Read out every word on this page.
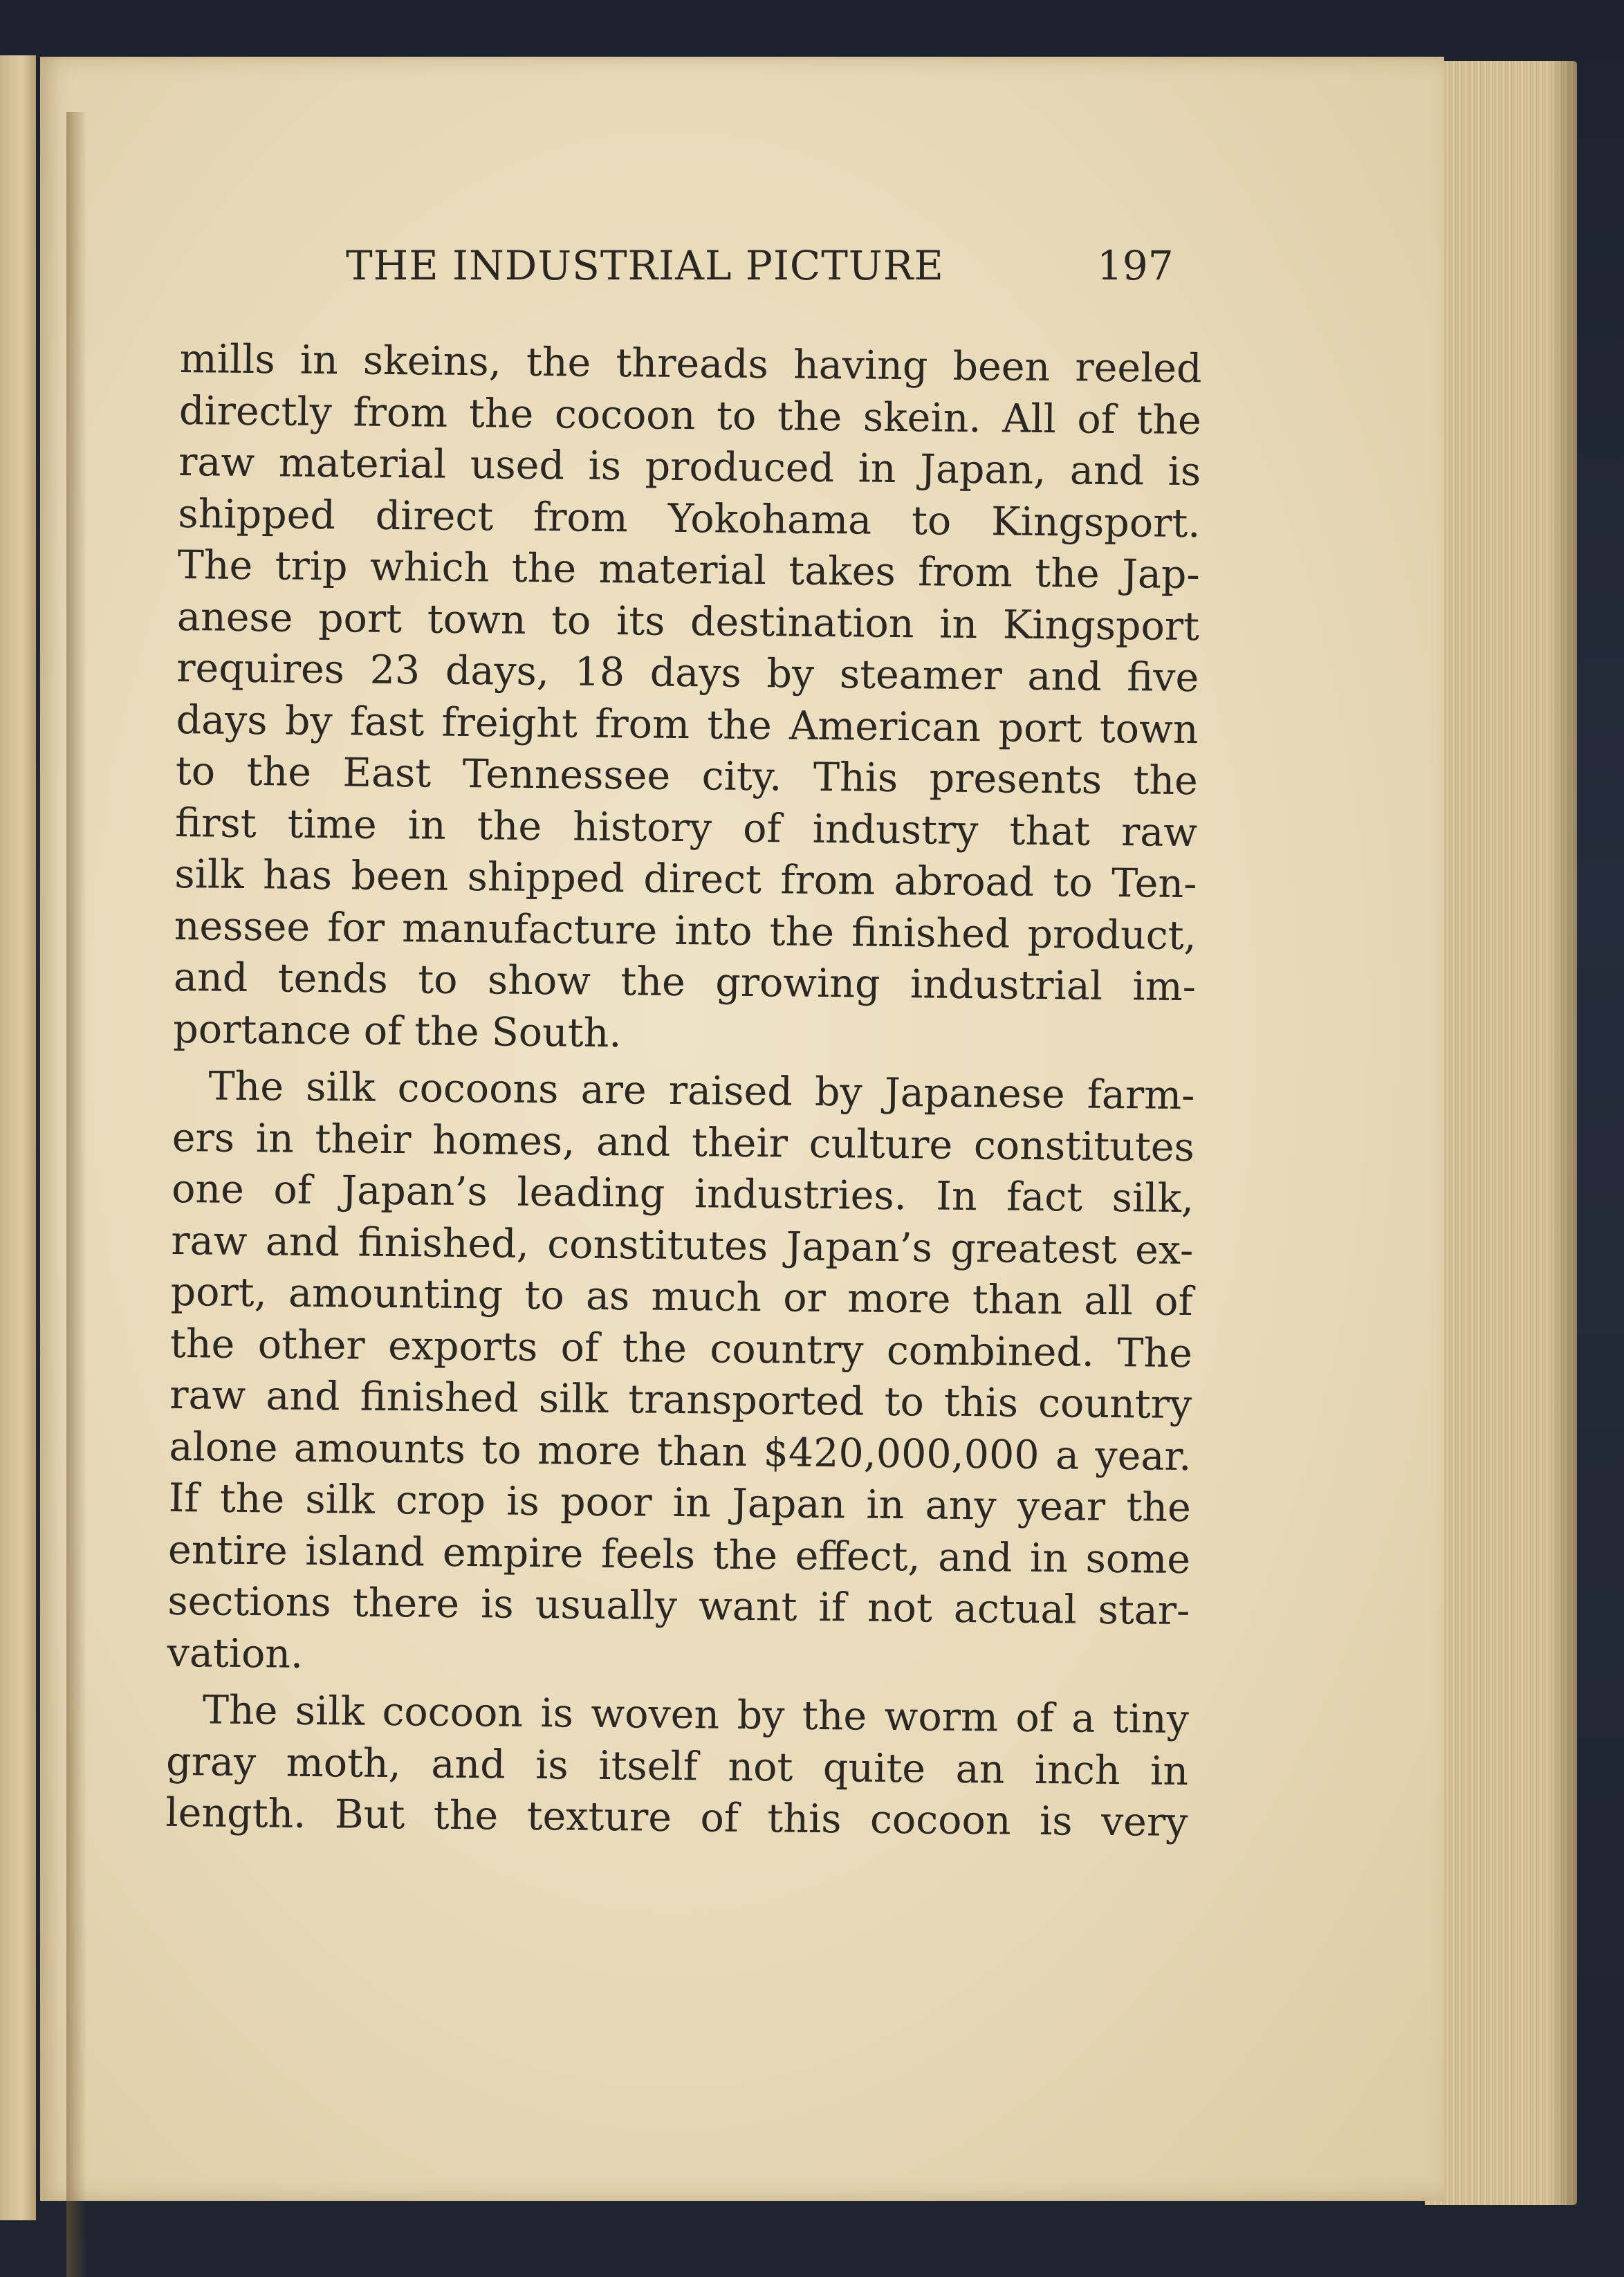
THE INDUSTRIAL PICTURE	197
mills in skeins, the threads having been reeled
directly from the cocoon to the skein. All of the
raw material used is produced in Japan, and is
shipped direct from Yokohama to Kingsport.
The trip which the material takes from the Jap-
anese port town to its destination in Kingsport
requires 23 days, 18 days by steamer and five
days by fast freight from the American port town
to the East Tennessee city. This presents the
first time in the history of industry that raw
silk has been shipped direct from abroad to Ten-
nessee for manufacture into the finished product,
and tends to show the growing industrial im-
portance of the South.
The silk cocoons are raised by Japanese farm-
ers in their homes, and their culture constitutes
one of Japan’s leading industries. In fact silk,
raw and finished, constitutes Japan’s greatest ex-
port, amounting to as much or more than all of
the other exports of the country combined. The
raw and finished silk transported to this country
alone amounts to more than $420,000,000 a year.
If the silk crop is poor in Japan in any year the
entire island empire feels the effect, and in some
sections there is usually want if not actual star-
vation.
The silk cocoon is woven by the worm of a tiny
gray moth, and is itself not quite an inch in
length. But the texture of this cocoon is very
